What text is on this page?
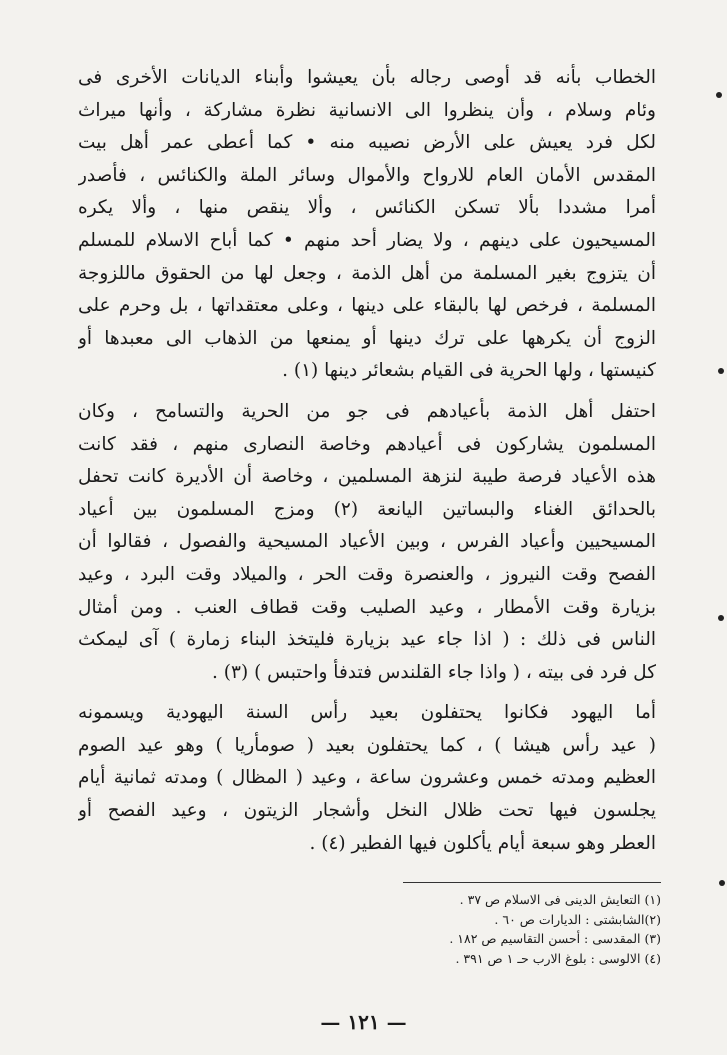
الخطاب بأنه قد أوصى رجاله بأن يعيشوا وأبناء الديانات الأخرى فى
وئام وسلام ، وأن ينظروا الى الانسانية نظرة مشاركة ، وأنها ميراث
لكل فرد يعيش على الأرض نصيبه منه • كما أعطى عمر أهل بيت
المقدس الأمان العام للارواح والأموال وسائر الملة والكنائس ، فأصدر
أمرا مشددا بألا تسكن الكنائس ، وألا ينقص منها ، وألا يكره
المسيحيون على دينهم ، ولا يضار أحد منهم • كما أباح الاسلام للمسلم
أن يتزوج بغير المسلمة من أهل الذمة ، وجعل لها من الحقوق ماللزوجة
المسلمة ، فرخص لها بالبقاء على دينها ، وعلى معتقداتها ، بل وحرم على
الزوج أن يكرهها على ترك دينها أو يمنعها من الذهاب الى معبدها أو
كنيستها ، ولها الحرية فى القيام بشعائر دينها (١) .
احتفل أهل الذمة بأعيادهم فى جو من الحرية والتسامح ، وكان
المسلمون يشاركون فى أعيادهم وخاصة النصارى منهم ، فقد كانت
هذه الأعياد فرصة طيبة لنزهة المسلمين ، وخاصة أن الأديرة كانت تحفل
بالحدائق الغناء والبساتين اليانعة (٢) ومزج المسلمون بين أعياد
المسيحيين وأعياد الفرس ، وبين الأعياد المسيحية والفصول ، فقالوا أن
الفصح وقت النيروز ، والعنصرة وقت الحر ، والميلاد وقت البرد ، وعيد
بزيارة وقت الأمطار ، وعيد الصليب وقت قطاف العنب . ومن أمثال
الناس فى ذلك : ( اذا جاء عيد بزيارة فليتخذ البناء زمارة ) آى ليمكث
كل فرد فى بيته ، ( واذا جاء القلندس فتدفأ واحتبس ) (٣) .
أما اليهود فكانوا يحتفلون بعيد رأس السنة اليهودية ويسمونه
( عيد رأس هيشا ) ، كما يحتفلون بعيد ( صومأريا ) وهو عيد الصوم
العظيم ومدته خمس وعشرون ساعة ، وعيد ( المظال ) ومدته ثمانية أيام
يجلسون فيها تحت ظلال النخل وأشجار الزيتون ، وعيد الفصح أو
العطر وهو سبعة أيام يأكلون فيها الفطير (٤) .
(١) التعايش الدينى فى الاسلام ص ٣٧ .
(٢)الشابشتى : الديارات ص ٦٠ .
(٣) المقدسى : أحسن التقاسيم ص ١٨٢ .
(٤) الالوسى : بلوغ الارب حـ ١ ص ٣٩١ .
— ١٢١ —
